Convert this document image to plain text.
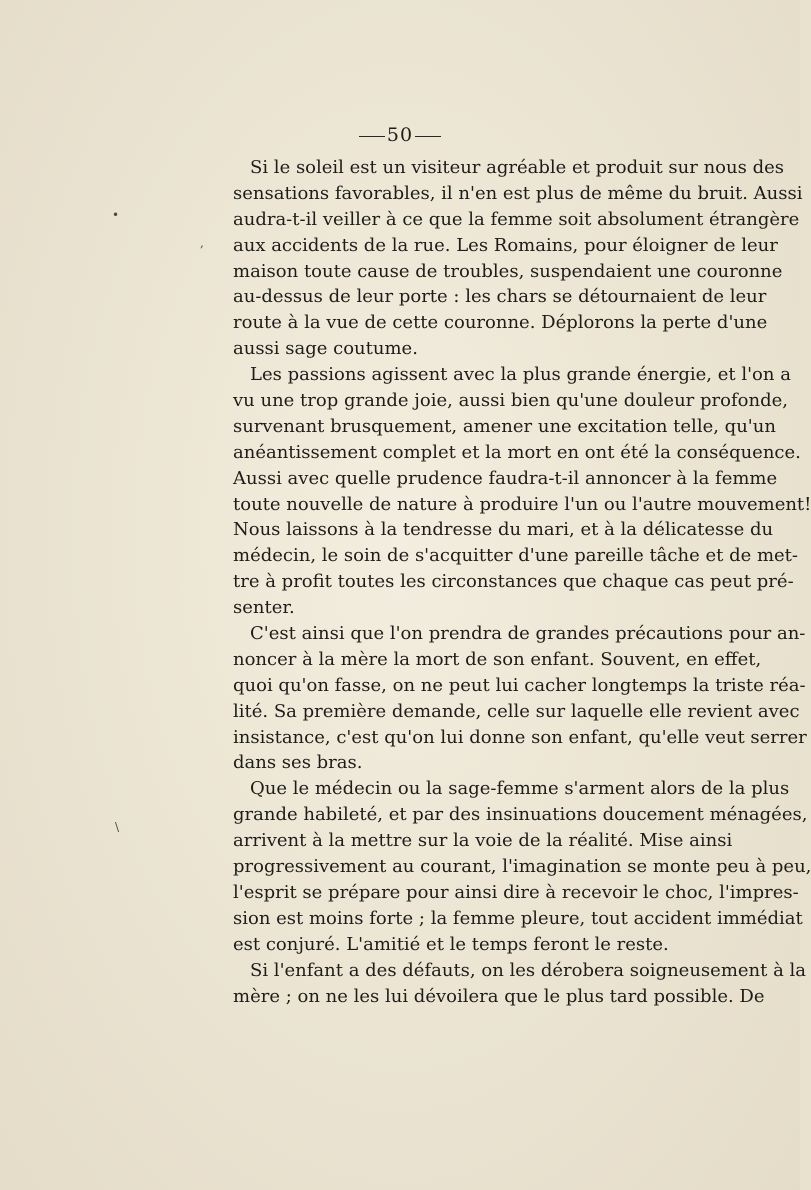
50
•
,
\
Si le soleil est un visiteur agréable et produit sur nous des
sensations favorables, il n'en est plus de même du bruit. Aussi
audra-t-il veiller à ce que la femme soit absolument étrangère
aux accidents de la rue. Les Romains, pour éloigner de leur
maison toute cause de troubles, suspendaient une couronne
au-dessus de leur porte : les chars se détournaient de leur
route à la vue de cette couronne. Déplorons la perte d'une
aussi sage coutume.
Les passions agissent avec la plus grande énergie, et l'on a
vu une trop grande joie, aussi bien qu'une douleur profonde,
survenant brusquement, amener une excitation telle, qu'un
anéantissement complet et la mort en ont été la conséquence.
Aussi avec quelle prudence faudra-t-il annoncer à la femme
toute nouvelle de nature à produire l'un ou l'autre mouvement!
Nous laissons à la tendresse du mari, et à la délicatesse du
médecin, le soin de s'acquitter d'une pareille tâche et de met-
tre à profit toutes les circonstances que chaque cas peut pré-
senter.
C'est ainsi que l'on prendra de grandes précautions pour an-
noncer à la mère la mort de son enfant. Souvent, en effet,
quoi qu'on fasse, on ne peut lui cacher longtemps la triste réa-
lité. Sa première demande, celle sur laquelle elle revient avec
insistance, c'est qu'on lui donne son enfant, qu'elle veut serrer
dans ses bras.
Que le médecin ou la sage-femme s'arment alors de la plus
grande habileté, et par des insinuations doucement ménagées,
arrivent à la mettre sur la voie de la réalité. Mise ainsi
progressivement au courant, l'imagination se monte peu à peu,
l'esprit se prépare pour ainsi dire à recevoir le choc, l'impres-
sion est moins forte ; la femme pleure, tout accident immédiat
est conjuré. L'amitié et le temps feront le reste.
Si l'enfant a des défauts, on les dérobera soigneusement à la
mère ; on ne les lui dévoilera que le plus tard possible. De
